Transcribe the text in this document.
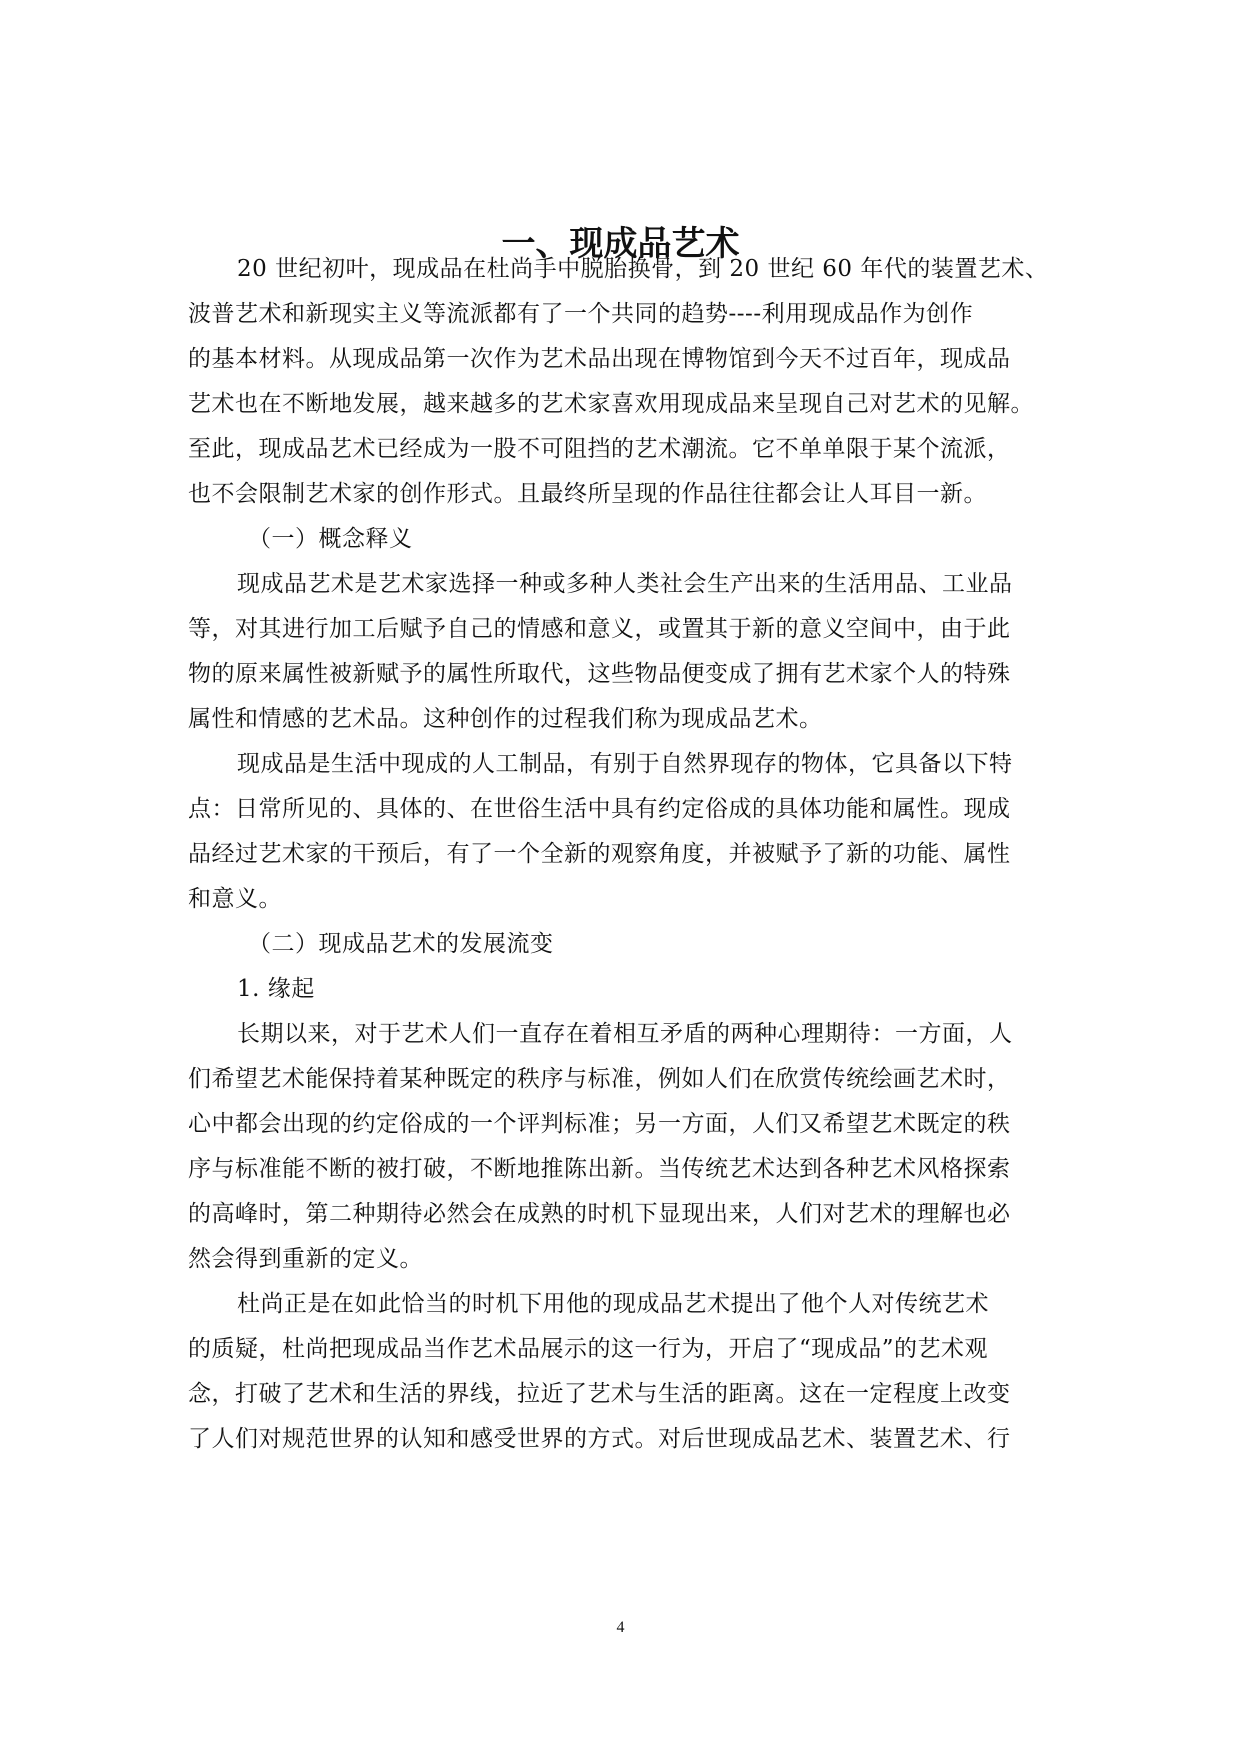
一、现成品艺术

20 世纪初叶，现成品在杜尚手中脱胎换骨，到 20 世纪 60 年代的装置艺术、

波普艺术和新现实主义等流派都有了一个共同的趋势----利用现成品作为创作

的基本材料。从现成品第一次作为艺术品出现在博物馆到今天不过百年，现成品

艺术也在不断地发展，越来越多的艺术家喜欢用现成品来呈现自己对艺术的见解。

至此，现成品艺术已经成为一股不可阻挡的艺术潮流。它不单单限于某个流派，

也不会限制艺术家的创作形式。且最终所呈现的作品往往都会让人耳目一新。

（一）概念释义

现成品艺术是艺术家选择一种或多种人类社会生产出来的生活用品、工业品

等，对其进行加工后赋予自己的情感和意义，或置其于新的意义空间中，由于此

物的原来属性被新赋予的属性所取代，这些物品便变成了拥有艺术家个人的特殊

属性和情感的艺术品。这种创作的过程我们称为现成品艺术。

现成品是生活中现成的人工制品，有别于自然界现存的物体，它具备以下特

点：日常所见的、具体的、在世俗生活中具有约定俗成的具体功能和属性。现成

品经过艺术家的干预后，有了一个全新的观察角度，并被赋予了新的功能、属性

和意义。

（二）现成品艺术的发展流变

1. 缘起

长期以来，对于艺术人们一直存在着相互矛盾的两种心理期待：一方面，人

们希望艺术能保持着某种既定的秩序与标准，例如人们在欣赏传统绘画艺术时，

心中都会出现的约定俗成的一个评判标准；另一方面，人们又希望艺术既定的秩

序与标准能不断的被打破，不断地推陈出新。当传统艺术达到各种艺术风格探索

的高峰时，第二种期待必然会在成熟的时机下显现出来，人们对艺术的理解也必

然会得到重新的定义。

杜尚正是在如此恰当的时机下用他的现成品艺术提出了他个人对传统艺术

的质疑，杜尚把现成品当作艺术品展示的这一行为，开启了“现成品”的艺术观

念，打破了艺术和生活的界线，拉近了艺术与生活的距离。这在一定程度上改变

了人们对规范世界的认知和感受世界的方式。对后世现成品艺术、装置艺术、行

4
